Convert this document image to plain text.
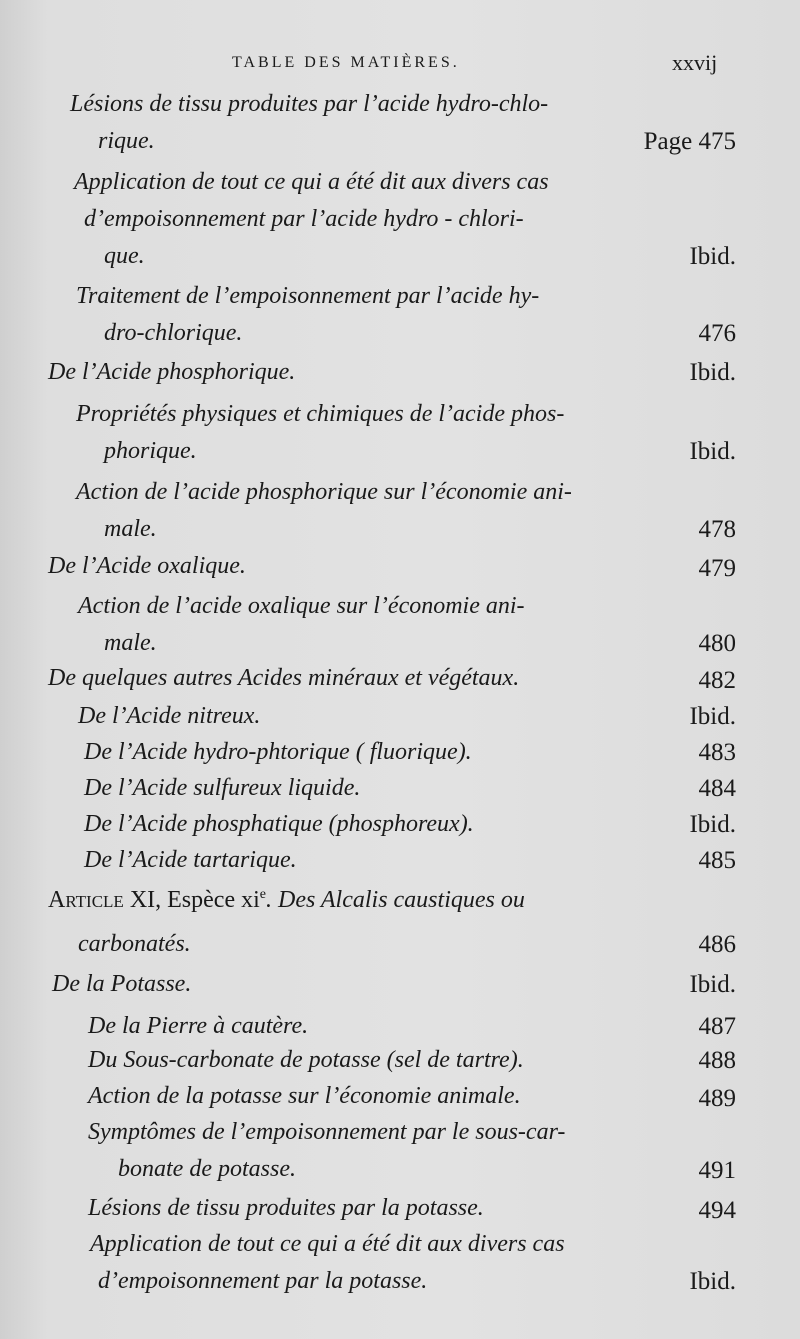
TABLE DES MATIÈRES.	xxvij
Lésions de tissu produites par l’acide hydro-chlo-
rique.	Page 475
Application de tout ce qui a été dit aux divers cas
d’empoisonnement par l’acide hydro - chlori-
que.	Ibid.
Traitement de l’empoisonnement par l’acide hy-
dro-chlorique.	476
De l’Acide phosphorique.	Ibid.
Propriétés physiques et chimiques de l’acide phos-
phorique.	Ibid.
Action de l’acide phosphorique sur l’économie ani-
male.	478
De l’Acide oxalique.	479
Action de l’acide oxalique sur l’économie ani-
male.	480
De quelques autres Acides minéraux et végétaux.	482
De l’Acide nitreux.	Ibid.
De l’Acide hydro-phtorique ( fluorique).	483
De l’Acide sulfureux liquide.	484
De l’Acide phosphatique (phosphoreux).	Ibid.
De l’Acide tartarique.	485
Article XI, Espèce $xi^e$. Des Alcalis caustiques ou
carbonatés.	486
De la Potasse.	Ibid.
De la Pierre à cautère.	487
Du Sous-carbonate de potasse (sel de tartre).	488
Action de la potasse sur l’économie animale.	489
Symptômes de l’empoisonnement par le sous-car-
bonate de potasse.	491
Lésions de tissu produites par la potasse.	494
Application de tout ce qui a été dit aux divers cas
d’empoisonnement par la potasse.	Ibid.
